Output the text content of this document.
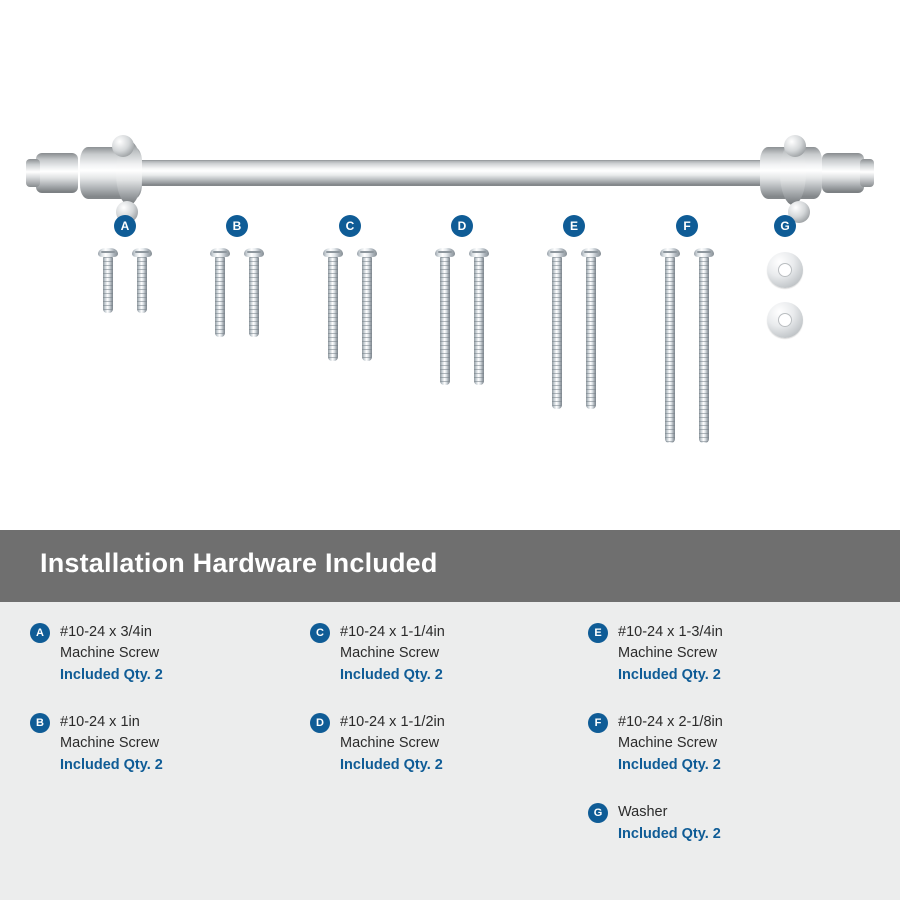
A	B	C	D	E	F	G
Installation Hardware Included
A	#10-24 x 3/4in
Machine Screw
Included Qty. 2
B	#10-24 x 1in
Machine Screw
Included Qty. 2
C	#10-24 x 1-1/4in
Machine Screw
Included Qty. 2
D	#10-24 x 1-1/2in
Machine Screw
Included Qty. 2
E	#10-24 x 1-3/4in
Machine Screw
Included Qty. 2
F	#10-24 x 2-1/8in
Machine Screw
Included Qty. 2
G	Washer
Included Qty. 2
